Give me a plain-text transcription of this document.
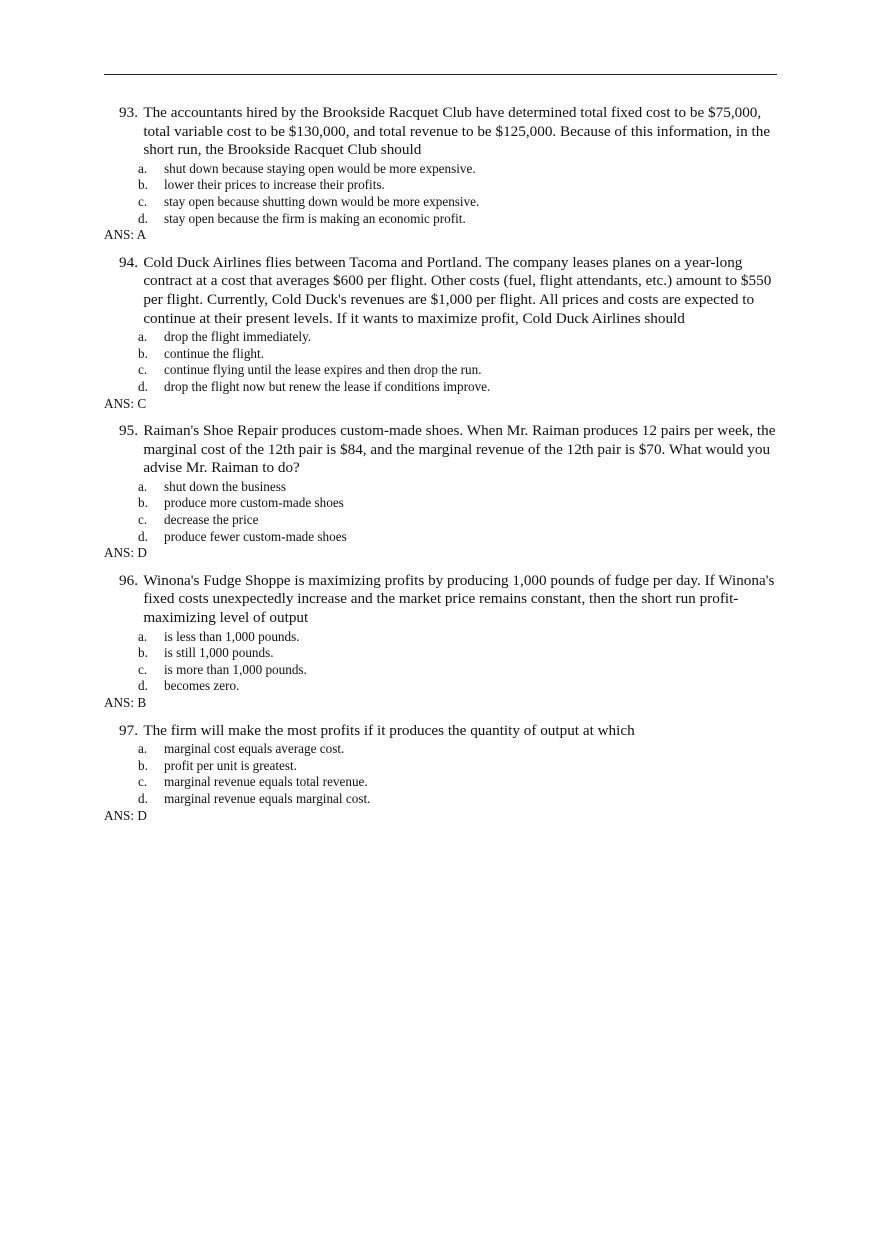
93. The accountants hired by the Brookside Racquet Club have determined total fixed cost to be $75,000, total variable cost to be $130,000, and total revenue to be $125,000. Because of this information, in the short run, the Brookside Racquet Club should
a.	shut down because staying open would be more expensive.
b.	lower their prices to increase their profits.
c.	stay open because shutting down would be more expensive.
d.	stay open because the firm is making an economic profit.
ANS: A
94. Cold Duck Airlines flies between Tacoma and Portland. The company leases planes on a year-long contract at a cost that averages $600 per flight. Other costs (fuel, flight attendants, etc.) amount to $550 per flight. Currently, Cold Duck's revenues are $1,000 per flight. All prices and costs are expected to continue at their present levels. If it wants to maximize profit, Cold Duck Airlines should
a.	drop the flight immediately.
b.	continue the flight.
c.	continue flying until the lease expires and then drop the run.
d.	drop the flight now but renew the lease if conditions improve.
ANS: C
95. Raiman's Shoe Repair produces custom-made shoes. When Mr. Raiman produces 12 pairs per week, the marginal cost of the 12th pair is $84, and the marginal revenue of the 12th pair is $70. What would you advise Mr. Raiman to do?
a.	shut down the business
b.	produce more custom-made shoes
c.	decrease the price
d.	produce fewer custom-made shoes
ANS: D
96. Winona's Fudge Shoppe is maximizing profits by producing 1,000 pounds of fudge per day. If Winona's fixed costs unexpectedly increase and the market price remains constant, then the short run profit-maximizing level of output
a.	is less than 1,000 pounds.
b.	is still 1,000 pounds.
c.	is more than 1,000 pounds.
d.	becomes zero.
ANS: B
97. The firm will make the most profits if it produces the quantity of output at which
a.	marginal cost equals average cost.
b.	profit per unit is greatest.
c.	marginal revenue equals total revenue.
d.	marginal revenue equals marginal cost.
ANS: D
